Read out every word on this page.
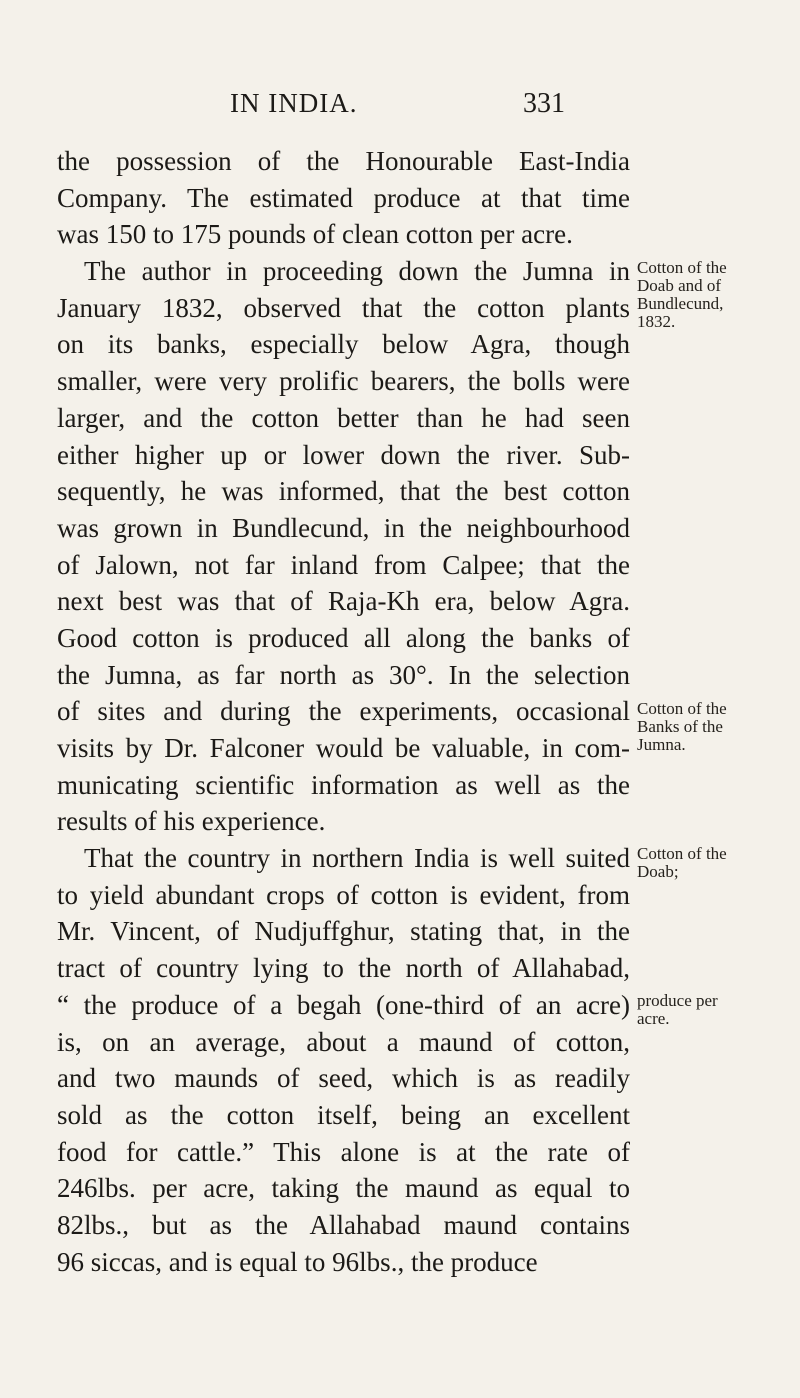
IN INDIA.	331
the possession of the Honourable East-India
Company. The estimated produce at that time
was 150 to 175 pounds of clean cotton per acre.
The author in proceeding down the Jumna in
January 1832, observed that the cotton plants
on its banks, especially below Agra, though
smaller, were very prolific bearers, the bolls were
larger, and the cotton better than he had seen
either higher up or lower down the river. Sub-
sequently, he was informed, that the best cotton
was grown in Bundlecund, in the neighbourhood
of Jalown, not far inland from Calpee; that the
next best was that of Raja-Kh era, below Agra.
Good cotton is produced all along the banks of
the Jumna, as far north as 30°. In the selection
of sites and during the experiments, occasional
visits by Dr. Falconer would be valuable, in com-
municating scientific information as well as the
results of his experience.
That the country in northern India is well suited
to yield abundant crops of cotton is evident, from
Mr. Vincent, of Nudjuffghur, stating that, in the
tract of country lying to the north of Allahabad,
“ the produce of a begah (one-third of an acre)
is, on an average, about a maund of cotton,
and two maunds of seed, which is as readily
sold as the cotton itself, being an excellent
food for cattle.” This alone is at the rate of
246lbs. per acre, taking the maund as equal to
82lbs., but as the Allahabad maund contains
96 siccas, and is equal to 96lbs., the produce
Cotton of the
Doab and of
Bundlecund,
1832.
Cotton of the
Banks of the
Jumna.
Cotton of the
Doab;
produce per
acre.
